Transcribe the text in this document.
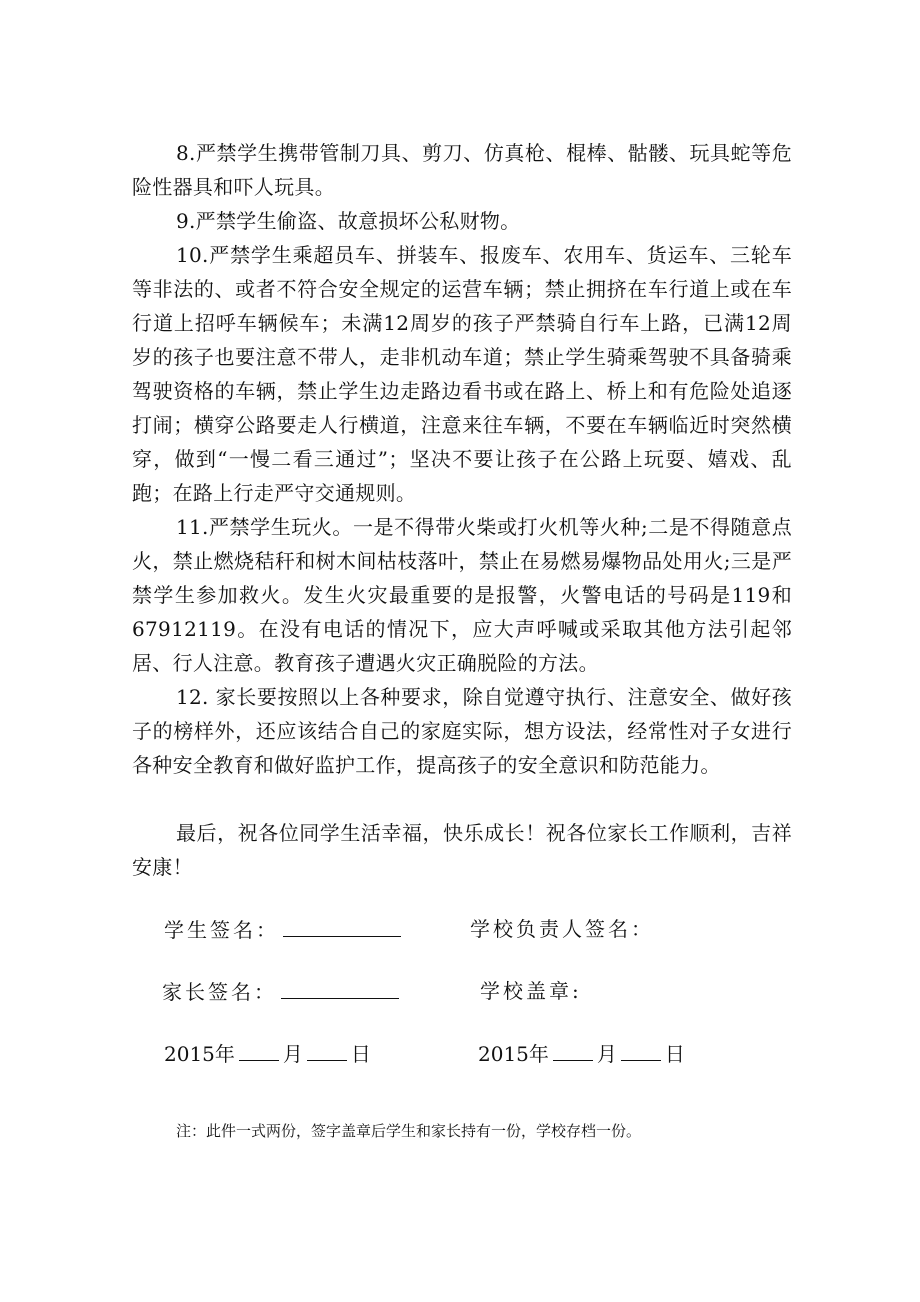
8.严禁学生携带管制刀具、剪刀、仿真枪、棍棒、骷髅、玩具蛇等危险性器具和吓人玩具。

9.严禁学生偷盗、故意损坏公私财物。

10.严禁学生乘超员车、拼装车、报废车、农用车、货运车、三轮车等非法的、或者不符合安全规定的运营车辆；禁止拥挤在车行道上或在车行道上招呼车辆候车；未满12周岁的孩子严禁骑自行车上路，已满12周岁的孩子也要注意不带人，走非机动车道；禁止学生骑乘驾驶不具备骑乘驾驶资格的车辆，禁止学生边走路边看书或在路上、桥上和有危险处追逐打闹；横穿公路要走人行横道，注意来往车辆，不要在车辆临近时突然横穿，做到“一慢二看三通过”；坚决不要让孩子在公路上玩耍、嬉戏、乱跑；在路上行走严守交通规则。

11.严禁学生玩火。一是不得带火柴或打火机等火种;二是不得随意点火，禁止燃烧秸秆和树木间枯枝落叶，禁止在易燃易爆物品处用火;三是严禁学生参加救火。发生火灾最重要的是报警，火警电话的号码是119和67912119。在没有电话的情况下，应大声呼喊或采取其他方法引起邻居、行人注意。教育孩子遭遇火灾正确脱险的方法。

12. 家长要按照以上各种要求，除自觉遵守执行、注意安全、做好孩子的榜样外，还应该结合自己的家庭实际，想方设法，经常性对子女进行各种安全教育和做好监护工作，提高孩子的安全意识和防范能力。

最后，祝各位同学生活幸福，快乐成长！祝各位家长工作顺利，吉祥安康！

学生签名：	学校负责人签名：
家长签名：	学校盖章:
2015年 月 日	2015年 月 日
注：此件一式两份，签字盖章后学生和家长持有一份，学校存档一份。
